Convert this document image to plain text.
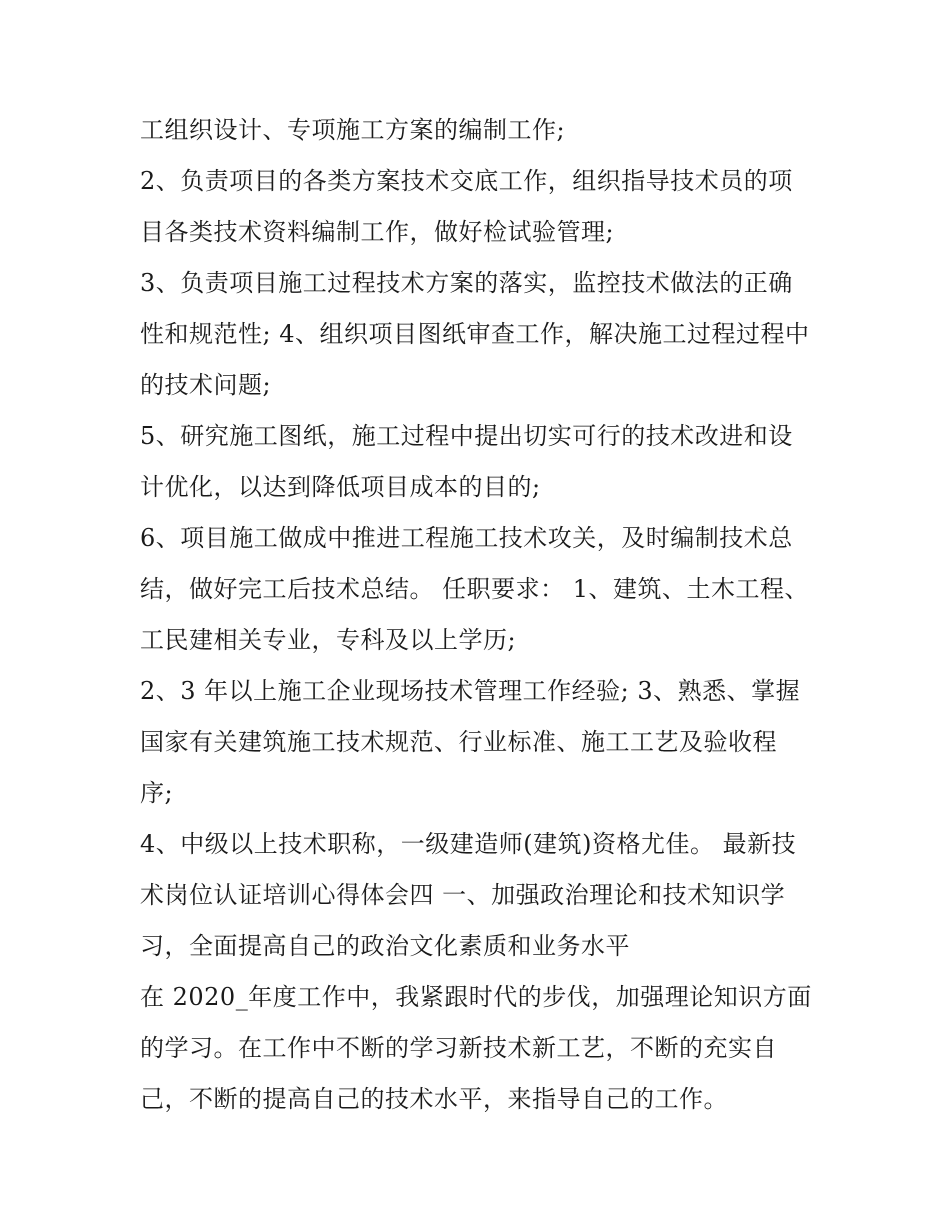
工组织设计、专项施工方案的编制工作;
2、负责项目的各类方案技术交底工作，组织指导技术员的项
目各类技术资料编制工作，做好检试验管理;
3、负责项目施工过程技术方案的落实，监控技术做法的正确
性和规范性; 4、组织项目图纸审查工作，解决施工过程过程中
的技术问题;
5、研究施工图纸，施工过程中提出切实可行的技术改进和设
计优化，以达到降低项目成本的目的;
6、项目施工做成中推进工程施工技术攻关，及时编制技术总
结，做好完工后技术总结。 任职要求： 1、建筑、土木工程、
工民建相关专业，专科及以上学历;
2、3 年以上施工企业现场技术管理工作经验; 3、熟悉、掌握
国家有关建筑施工技术规范、行业标准、施工工艺及验收程
序;
4、中级以上技术职称，一级建造师(建筑)资格尤佳。 最新技
术岗位认证培训心得体会四 一、加强政治理论和技术知识学
习，全面提高自己的政治文化素质和业务水平
在 2020_年度工作中，我紧跟时代的步伐，加强理论知识方面
的学习。在工作中不断的学习新技术新工艺，不断的充实自
己，不断的提高自己的技术水平，来指导自己的工作。
